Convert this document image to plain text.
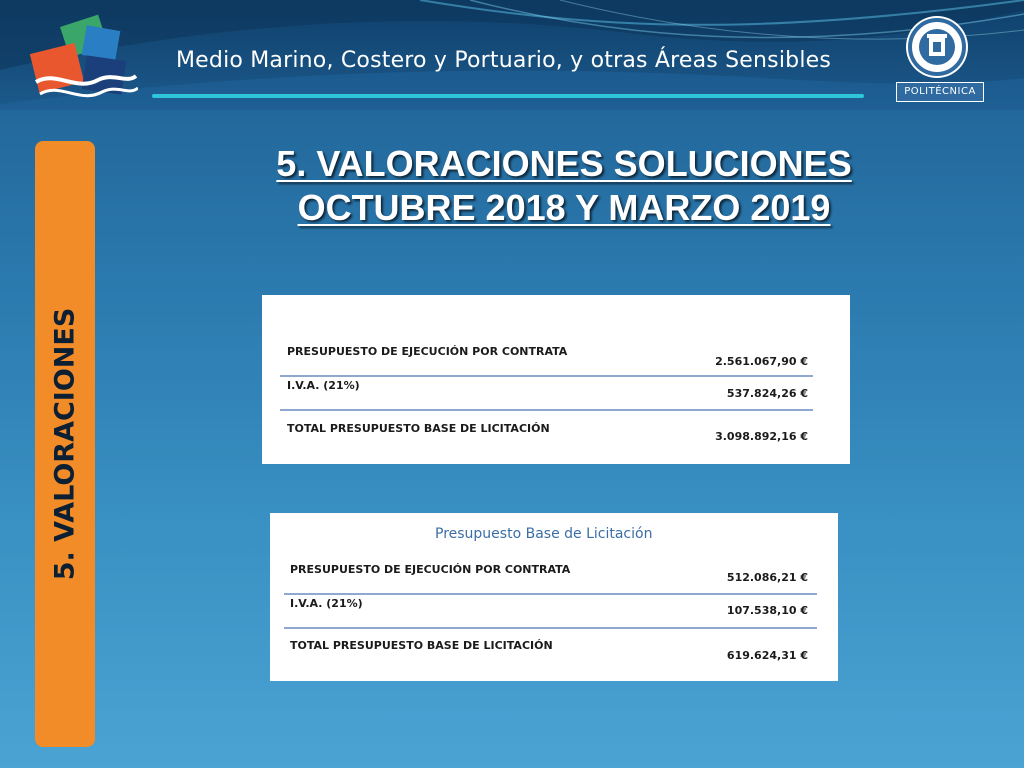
Medio Marino, Costero y Portuario, y otras Áreas Sensibles
POLITÉCNICA
5. VALORACIONES
5. VALORACIONES SOLUCIONES
OCTUBRE 2018 Y MARZO 2019
PRESUPUESTO DE EJECUCIÓN POR CONTRATA
2.561.067,90 €
I.V.A. (21%)
537.824,26 €
TOTAL PRESUPUESTO BASE DE LICITACIÓN
3.098.892,16 €
Presupuesto Base de Licitación
PRESUPUESTO DE EJECUCIÓN POR CONTRATA
512.086,21 €
I.V.A. (21%)
107.538,10 €
TOTAL PRESUPUESTO BASE DE LICITACIÓN
619.624,31 €
